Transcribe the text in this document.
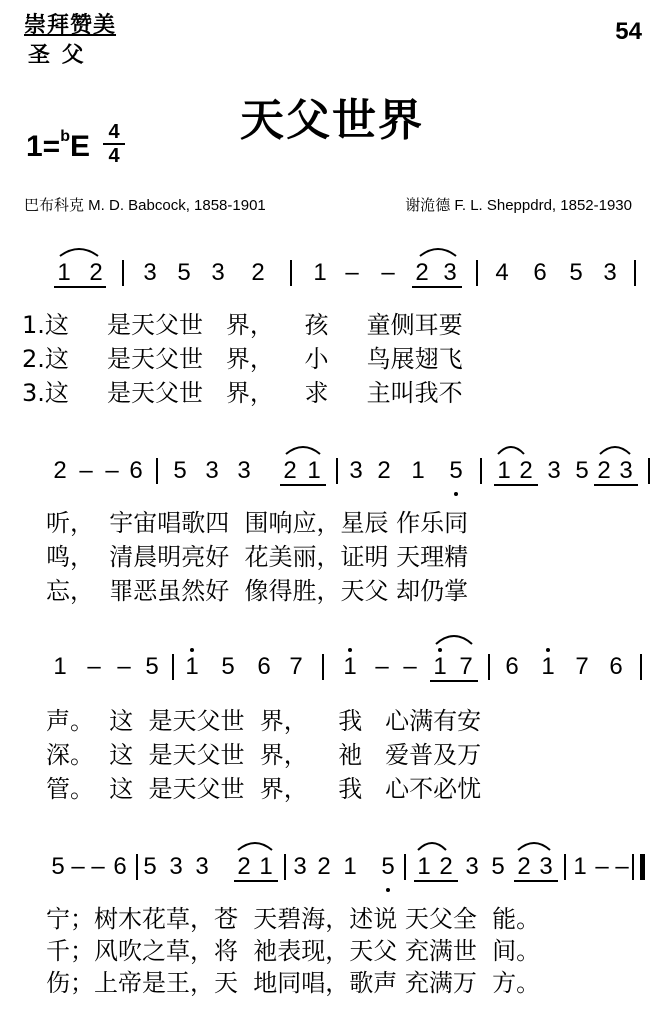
崇拜赞美
圣 父
54
天父世界
1=$^b$E 4
4
巴布科克 M. D. Babcock, 1858-1901	谢洈德 F. L. Sheppdrd, 1852-1930
1 2 3 5 3 2 1 – – 2 3 4 6 5 3
1.这     是天父世   界，    孩     童侧耳要
2.这     是天父世   界，    小     鸟展翅飞
3.这     是天父世   界，    求     主叫我不
2 – – 6 5 3 3 2 1 3 2 1 5 1 2 3 5 2 3
听，  宇宙唱歌四  围响应，星辰 作乐同
鸣，  清晨明亮好  花美丽，证明 天理精
忘，  罪恶虽然好  像得胜，天父 却仍掌
1 – – 5 1 5 6 7 1 – – 1 7 6 1 7 6
声。  这  是天父世  界，    我   心满有安
深。  这  是天父世  界，    祂   爱普及万
管。  这  是天父世  界，    我   心不必忧
5 – – 6 5 3 3 2 1 3 2 1 5 1 2 3 5 2 3 1 – –
宁；树木花草，苍  天碧海，述说 天父全  能。
千；风吹之草，将  祂表现，天父 充满世  间。
伤；上帝是王，天  地同唱，歌声 充满万  方。
